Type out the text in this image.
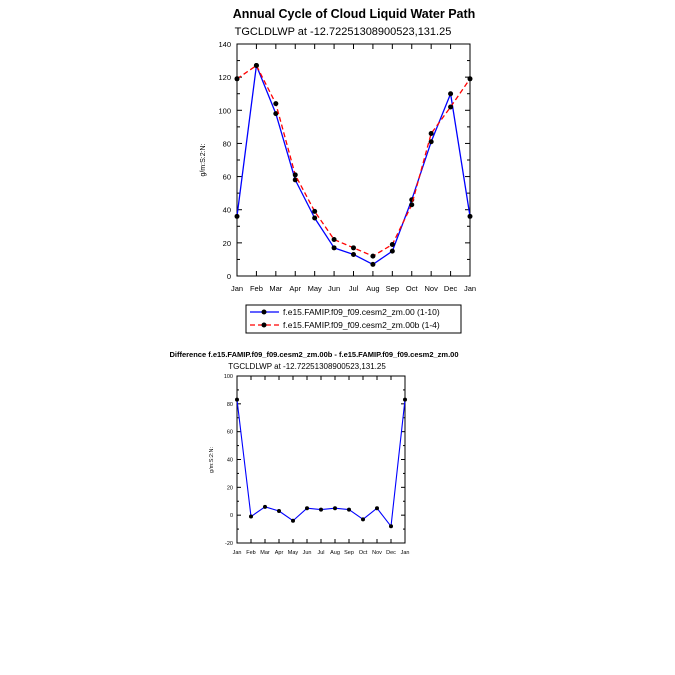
Annual Cycle of Cloud Liquid Water Path
TGCLDLWP at -12.72251308900523,131.25
g/m:S:2:N:
0
20
40
60
80
100
120
140
Jan Feb Mar Apr May Jun Jul Aug Sep Oct Nov Dec Jan
f.e15.FAMIP.f09_f09.cesm2_zm.00 (1-10)
f.e15.FAMIP.f09_f09.cesm2_zm.00b (1-4)
Difference f.e15.FAMIP.f09_f09.cesm2_zm.00b - f.e15.FAMIP.f09_f09.cesm2_zm.00
TGCLDLWP at -12.72251308900523,131.25
g/m:S:2:N:
-20
0
20
40
60
80
100
Jan Feb Mar Apr May Jun Jul Aug Sep Oct Nov Dec Jan
